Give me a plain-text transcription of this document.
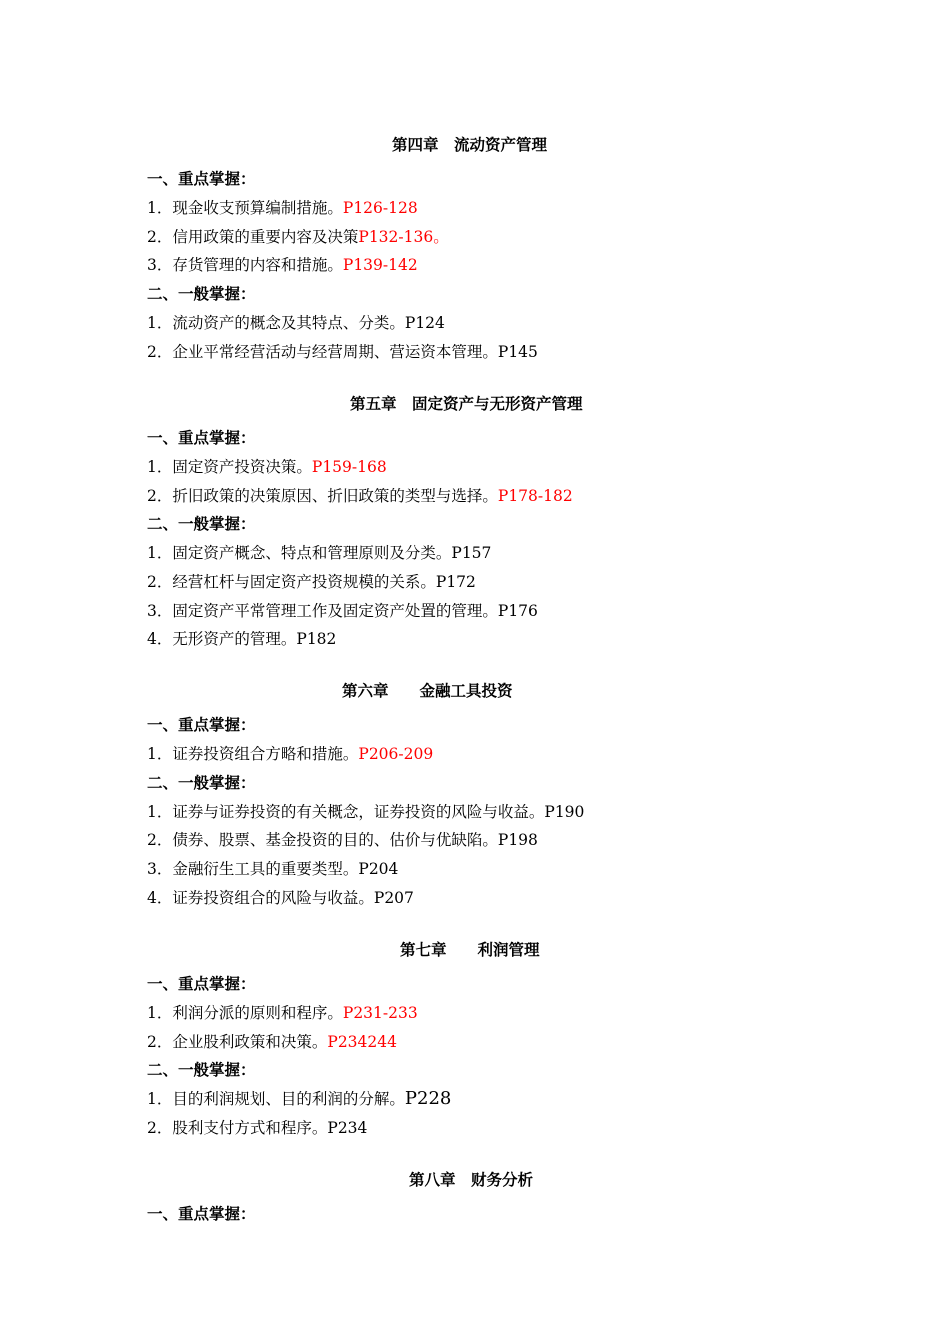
第四章　流动资产管理
一、重点掌握：
1．现金收支预算编制措施。P126-128
2．信用政策的重要内容及决策P132-136。
3．存货管理的内容和措施。P139-142
二、一般掌握：
1．流动资产的概念及其特点、分类。P124
2．企业平常经营活动与经营周期、营运资本管理。P145
第五章　固定资产与无形资产管理
一、重点掌握：
1．固定资产投资决策。P159-168
2．折旧政策的决策原因、折旧政策的类型与选择。P178-182
二、一般掌握：
1．固定资产概念、特点和管理原则及分类。P157
2．经营杠杆与固定资产投资规模的关系。P172
3．固定资产平常管理工作及固定资产处置的管理。P176
4．无形资产的管理。P182
第六章　　金融工具投资
一、重点掌握：
1．证券投资组合方略和措施。P206-209
二、一般掌握：
1．证券与证券投资的有关概念，证券投资的风险与收益。P190
2．债券、股票、基金投资的目的、估价与优缺陷。P198
3．金融衍生工具的重要类型。P204
4．证券投资组合的风险与收益。P207
第七章　　利润管理
一、重点掌握：
1．利润分派的原则和程序。P231-233
2．企业股利政策和决策。P234244
二、一般掌握：
1．目的利润规划、目的利润的分解。P228
2．股利支付方式和程序。P234
第八章　财务分析
一、重点掌握：
